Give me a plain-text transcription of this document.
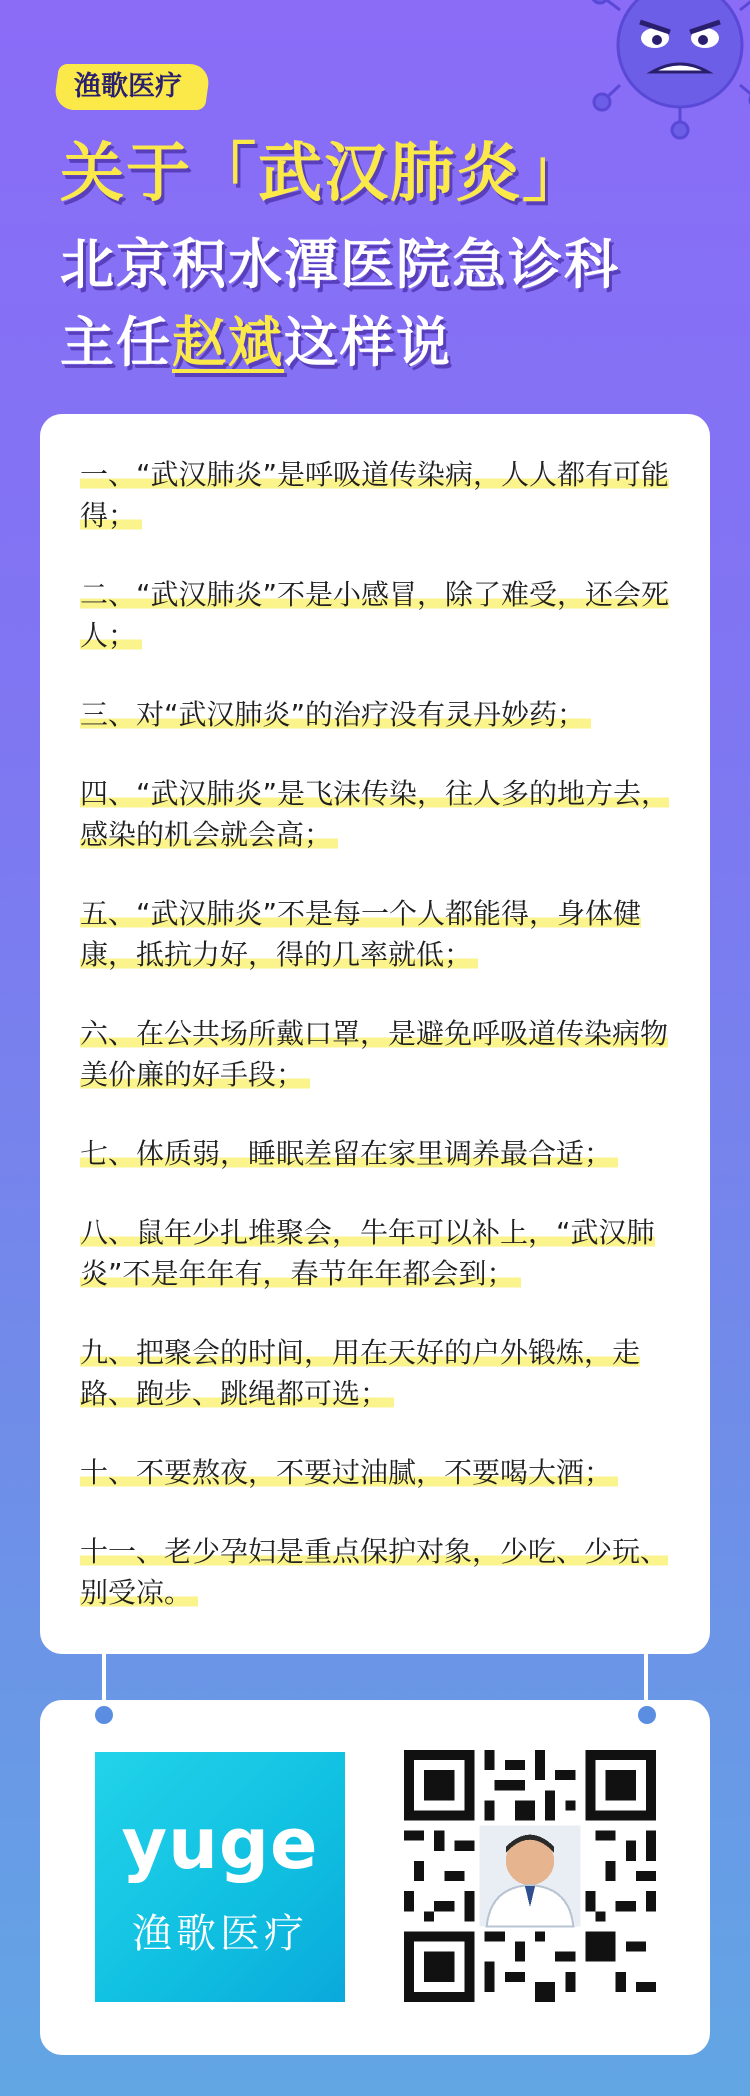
渔歌医疗
关于「武汉肺炎」
北京积水潭医院急诊科
主任赵斌这样说
一、“武汉肺炎”是呼吸道传染病，人人都有可能得；
二、“武汉肺炎”不是小感冒，除了难受，还会死人；
三、对“武汉肺炎”的治疗没有灵丹妙药；
四、“武汉肺炎”是飞沫传染，往人多的地方去，感染的机会就会高；
五、“武汉肺炎”不是每一个人都能得，身体健康，抵抗力好，得的几率就低；
六、在公共场所戴口罩，是避免呼吸道传染病物美价廉的好手段；
七、体质弱，睡眠差留在家里调养最合适；
八、鼠年少扎堆聚会，牛年可以补上，“武汉肺炎”不是年年有，春节年年都会到；
九、把聚会的时间，用在天好的户外锻炼，走路、跑步、跳绳都可选；
十、不要熬夜，不要过油腻，不要喝大酒；
十一、老少孕妇是重点保护对象，少吃、少玩、别受凉。
yuge
渔歌医疗
